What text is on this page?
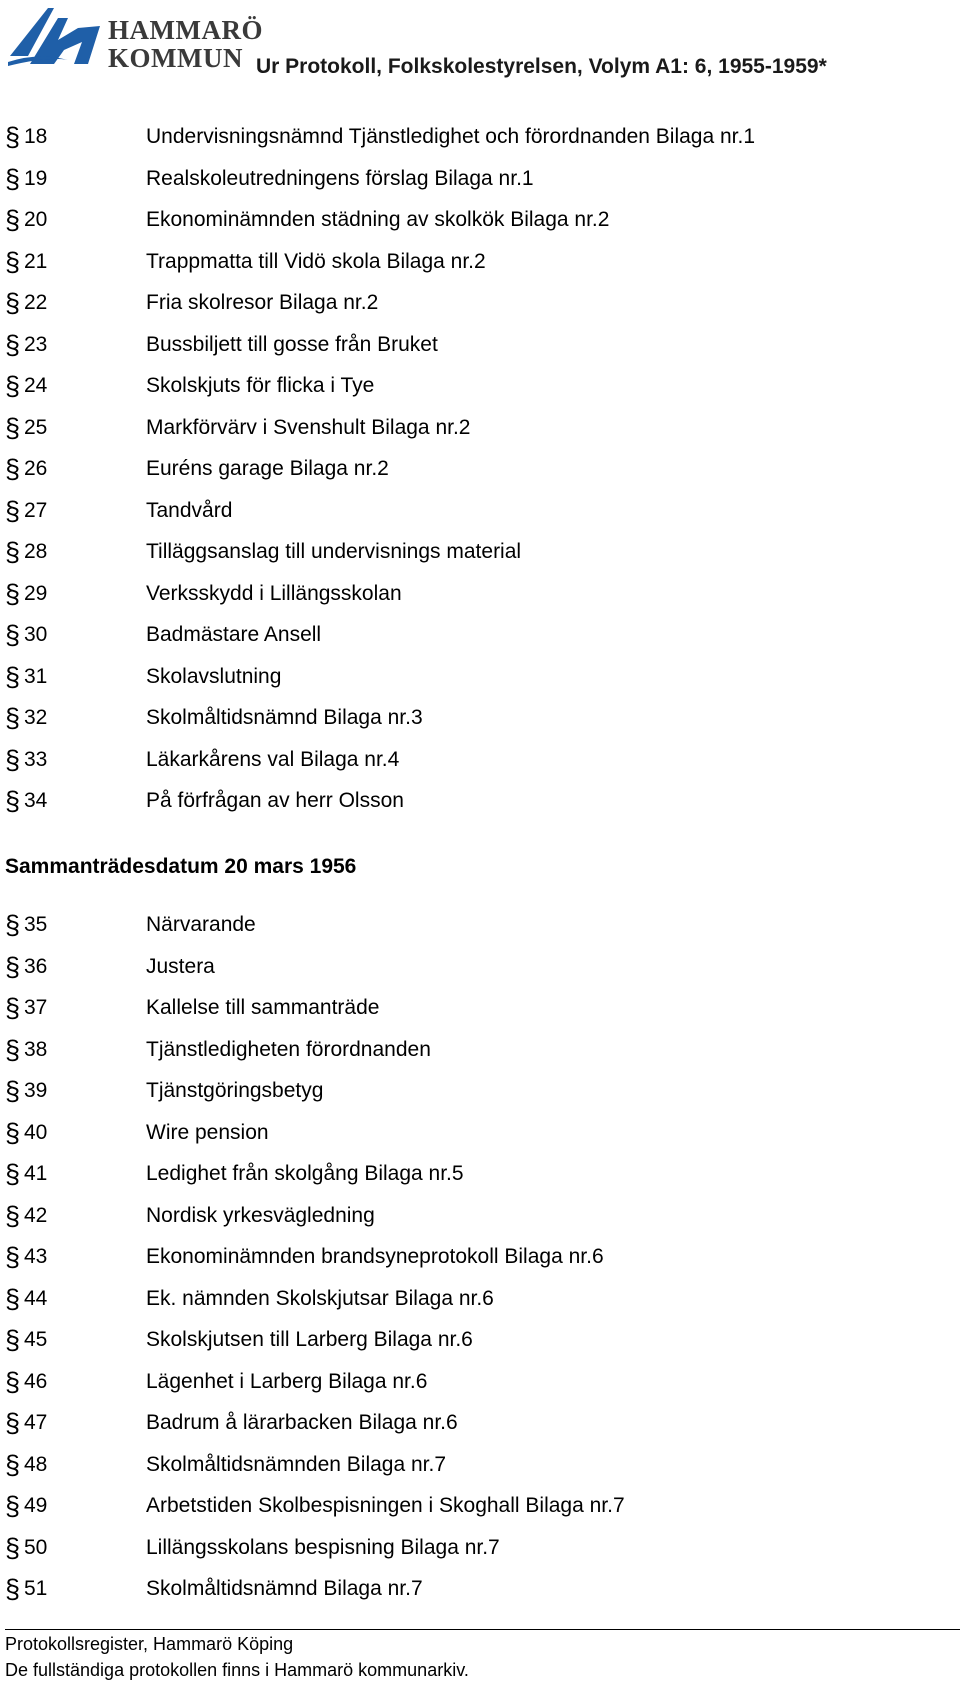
HAMMARÖ
KOMMUN Ur Protokoll, Folkskolestyrelsen, Volym A1: 6, 1955-1959*
§ 18	Undervisningsnämnd Tjänstledighet och förordnanden Bilaga nr.1
§ 19	Realskoleutredningens förslag Bilaga nr.1
§ 20	Ekonominämnden städning av skolkök Bilaga nr.2
§ 21	Trappmatta till Vidö skola Bilaga nr.2
§ 22	Fria skolresor Bilaga nr.2
§ 23	Bussbiljett till gosse från Bruket
§ 24	Skolskjuts för flicka i Tye
§ 25	Markförvärv i Svenshult Bilaga nr.2
§ 26	Euréns garage Bilaga nr.2
§ 27	Tandvård
§ 28	Tilläggsanslag till undervisnings material
§ 29	Verksskydd i Lillängsskolan
§ 30	Badmästare Ansell
§ 31	Skolavslutning
§ 32	Skolmåltidsnämnd Bilaga nr.3
§ 33	Läkarkårens val Bilaga nr.4
§ 34	På förfrågan av herr Olsson
Sammanträdesdatum 20 mars 1956
§ 35	Närvarande
§ 36	Justera
§ 37	Kallelse till sammanträde
§ 38	Tjänstledigheten förordnanden
§ 39	Tjänstgöringsbetyg
§ 40	Wire pension
§ 41	Ledighet från skolgång Bilaga nr.5
§ 42	Nordisk yrkesvägledning
§ 43	Ekonominämnden brandsyneprotokoll Bilaga nr.6
§ 44	Ek. nämnden Skolskjutsar Bilaga nr.6
§ 45	Skolskjutsen till Larberg Bilaga nr.6
§ 46	Lägenhet i Larberg Bilaga nr.6
§ 47	Badrum å lärarbacken Bilaga nr.6
§ 48	Skolmåltidsnämnden Bilaga nr.7
§ 49	Arbetstiden Skolbespisningen i Skoghall Bilaga nr.7
§ 50	Lillängsskolans bespisning Bilaga nr.7
§ 51	Skolmåltidsnämnd Bilaga nr.7
Protokollsregister, Hammarö Köping
De fullständiga protokollen finns i Hammarö kommunarkiv.
